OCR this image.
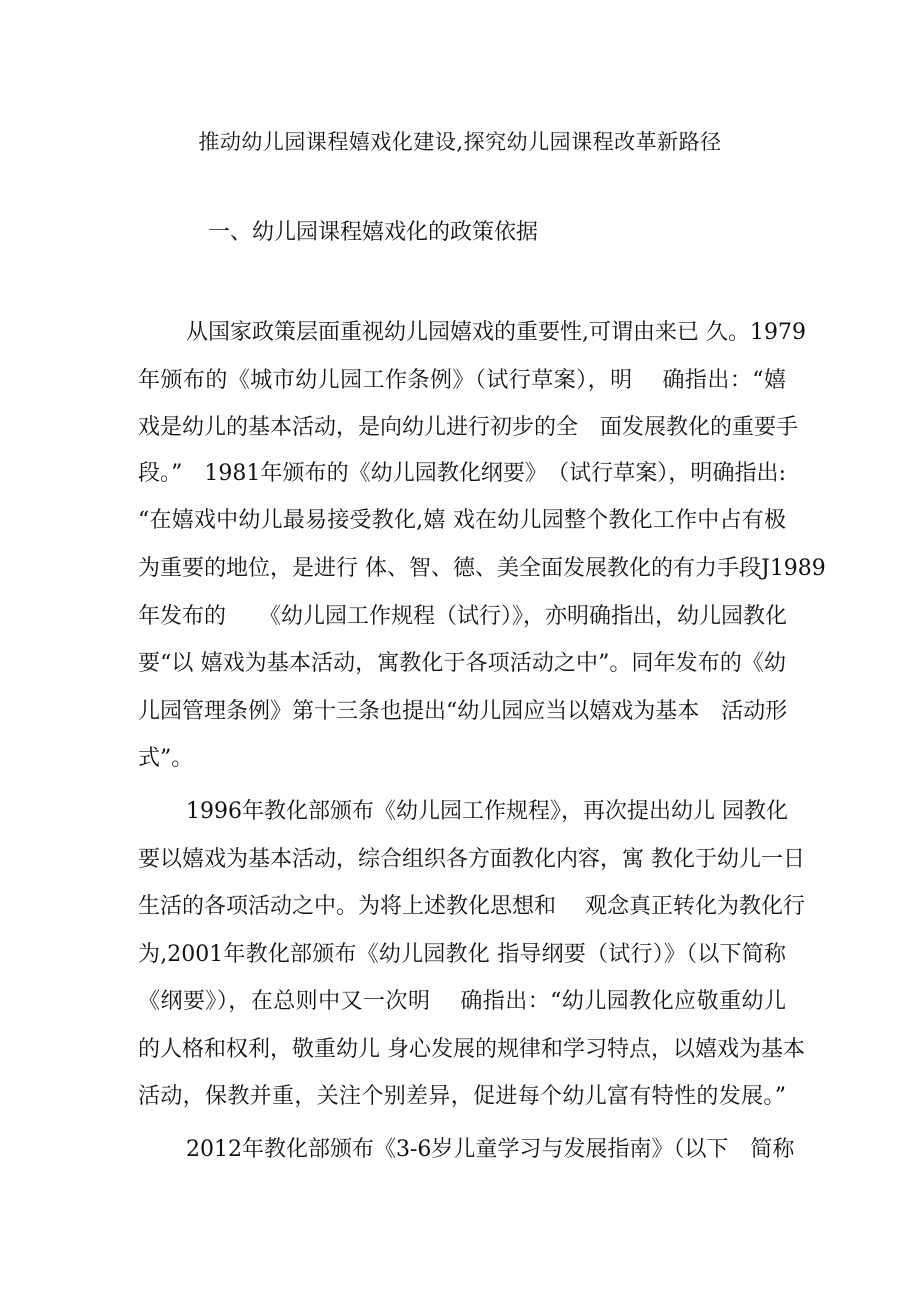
推动幼儿园课程嬉戏化建设,探究幼儿园课程改革新路径
一、幼儿园课程嬉戏化的政策依据
从国家政策层面重视幼儿园嬉戏的重要性,可谓由来已 久。1979
年颁布的《城市幼儿园工作条例》（试行草案），明　 确指出：“嬉
戏是幼儿的基本活动，是向幼儿进行初步的全　面发展教化的重要手
段。”　1981年颁布的《幼儿园教化纲要》　（试行草案），明确指出:
“在嬉戏中幼儿最易接受教化,嬉 戏在幼儿园整个教化工作中占有极
为重要的地位，是进行 体、智、德、美全面发展教化的有力手段J1989
年发布的　　《幼儿园工作规程（试行）》，亦明确指出，幼儿园教化
要“以 嬉戏为基本活动，寓教化于各项活动之中”。同年发布的《幼
儿园管理条例》第十三条也提出“幼儿园应当以嬉戏为基本　活动形
式”。
1996年教化部颁布《幼儿园工作规程》，再次提出幼儿 园教化
要以嬉戏为基本活动，综合组织各方面教化内容，寓 教化于幼儿一日
生活的各项活动之中。为将上述教化思想和　 观念真正转化为教化行
为,2001年教化部颁布《幼儿园教化 指导纲要（试行）》（以下简称
《纲要》），在总则中又一次明　 确指出：“幼儿园教化应敬重幼儿
的人格和权利，敬重幼儿 身心发展的规律和学习特点，以嬉戏为基本
活动，保教并重，关注个别差异，促进每个幼儿富有特性的发展。”
2012年教化部颁布《3-6岁儿童学习与发展指南》（以下　简称
